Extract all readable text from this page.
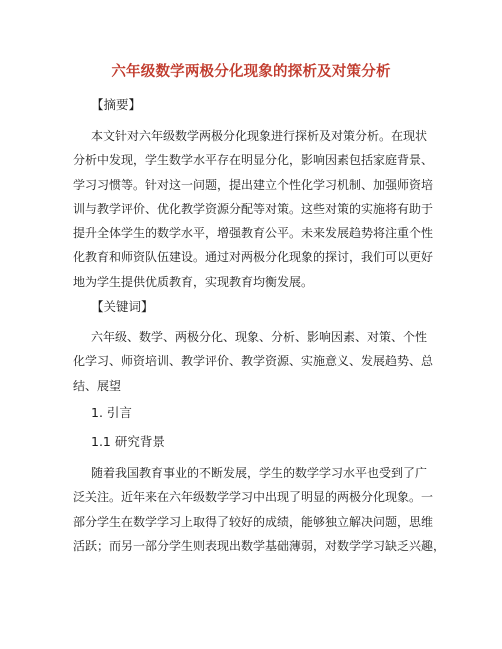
六年级数学两极分化现象的探析及对策分析
【摘要】
本文针对六年级数学两极分化现象进行探析及对策分析。在现状
分析中发现，学生数学水平存在明显分化，影响因素包括家庭背景、
学习习惯等。针对这一问题，提出建立个性化学习机制、加强师资培
训与教学评价、优化教学资源分配等对策。这些对策的实施将有助于
提升全体学生的数学水平，增强教育公平。未来发展趋势将注重个性
化教育和师资队伍建设。通过对两极分化现象的探讨，我们可以更好
地为学生提供优质教育，实现教育均衡发展。
【关键词】
六年级、数学、两极分化、现象、分析、影响因素、对策、个性
化学习、师资培训、教学评价、教学资源、实施意义、发展趋势、总
结、展望
1. 引言
1.1 研究背景
随着我国教育事业的不断发展，学生的数学学习水平也受到了广
泛关注。近年来在六年级数学学习中出现了明显的两极分化现象。一
部分学生在数学学习上取得了较好的成绩，能够独立解决问题，思维
活跃；而另一部分学生则表现出数学基础薄弱，对数学学习缺乏兴趣，
